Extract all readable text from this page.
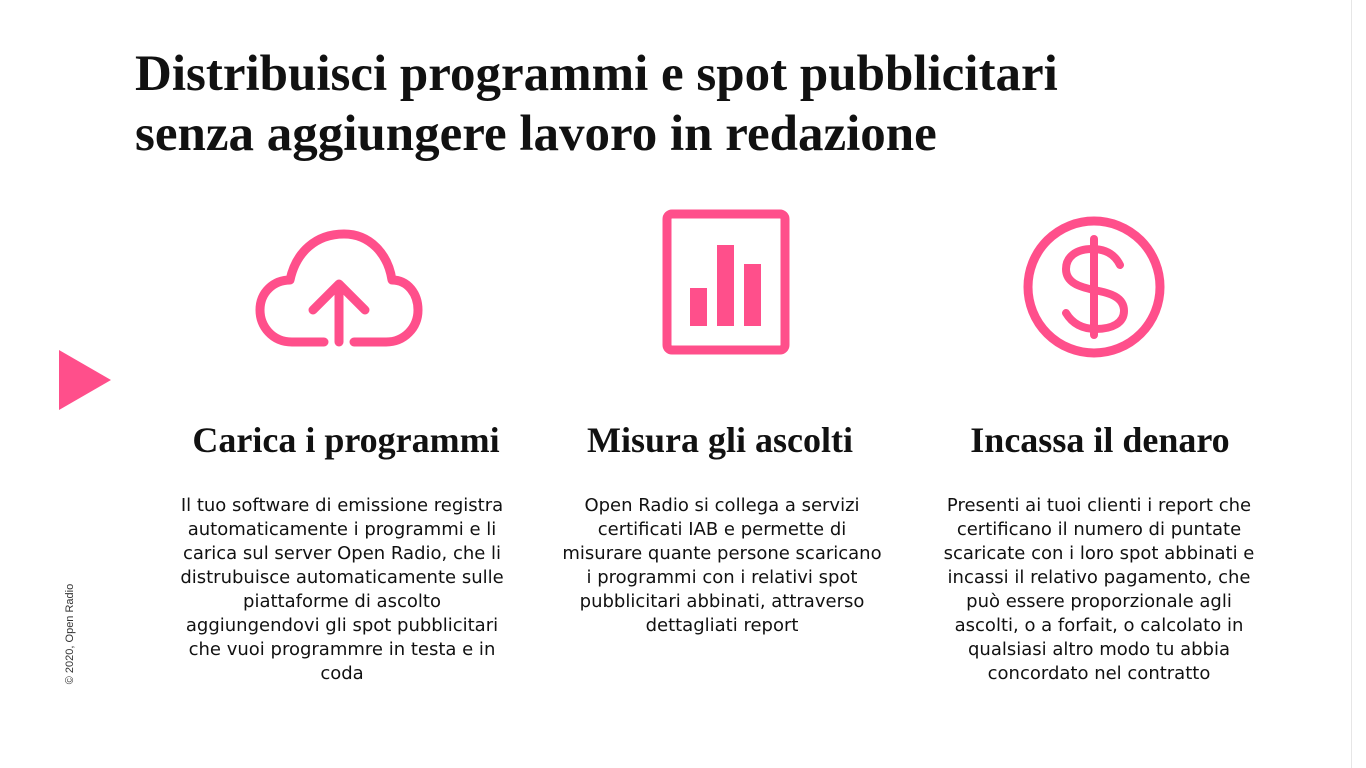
Distribuisci programmi e spot pubblicitari
senza aggiungere lavoro in redazione
© 2020, Open Radio
Carica i programmi
Il tuo software di emissione registra automaticamente i programmi e li carica sul server Open Radio, che li distrubuisce automaticamente sulle piattaforme di ascolto aggiungendovi gli spot pubblicitari che vuoi programmre in testa e in coda
Misura gli ascolti
Open Radio si collega a servizi certificati IAB e permette di misurare quante persone scaricano i programmi con i relativi spot pubblicitari abbinati, attraverso dettagliati report
Incassa il denaro
Presenti ai tuoi clienti i report che certificano il numero di puntate scaricate con i loro spot abbinati e incassi il relativo pagamento, che può essere proporzionale agli ascolti, o a forfait, o calcolato in qualsiasi altro modo tu abbia concordato nel contratto
